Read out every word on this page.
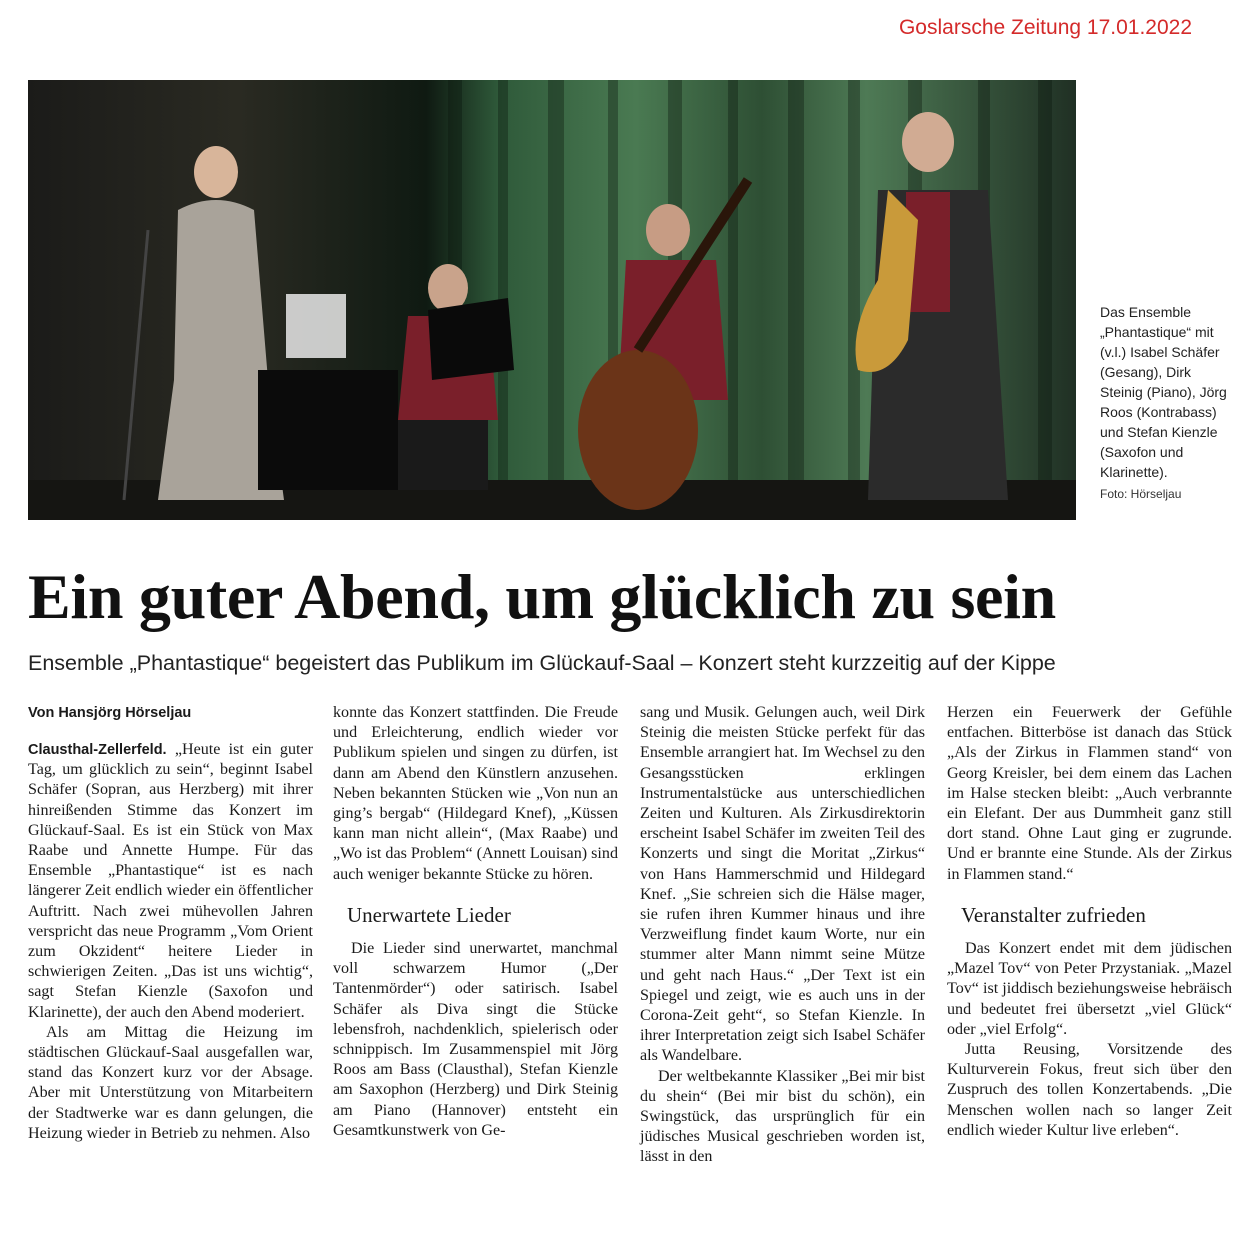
Goslarsche Zeitung 17.01.2022
Das Ensemble „Phantastique“ mit (v.l.) Isabel Schäfer (Gesang), Dirk Steinig (Piano), Jörg Roos (Kontrabass) und Stefan Kienzle (Saxofon und Klarinette).
Foto: Hörseljau
Ein guter Abend, um glücklich zu sein

Ensemble „Phantastique“ begeistert das Publikum im Glückauf-Saal – Konzert steht kurzzeitig auf der Kippe

Von Hansjörg Hörseljau

Clausthal-Zellerfeld. „Heute ist ein guter Tag, um glücklich zu sein“, beginnt Isabel Schäfer (Sopran, aus Herzberg) mit ihrer hinreißenden Stimme das Konzert im Glückauf-Saal. Es ist ein Stück von Max Raabe und Annette Humpe. Für das Ensemble „Phantastique“ ist es nach längerer Zeit endlich wieder ein öffentlicher Auftritt. Nach zwei mühevollen Jahren verspricht das neue Programm „Vom Orient zum Okzident“ heitere Lieder in schwierigen Zeiten. „Das ist uns wichtig“, sagt Stefan Kienzle (Saxofon und Klarinette), der auch den Abend moderiert.

Als am Mittag die Heizung im städtischen Glückauf-Saal ausgefallen war, stand das Konzert kurz vor der Absage. Aber mit Unterstützung von Mitarbeitern der Stadtwerke war es dann gelungen, die Heizung wieder in Betrieb zu nehmen. Also

konnte das Konzert stattfinden. Die Freude und Erleichterung, endlich wieder vor Publikum spielen und singen zu dürfen, ist dann am Abend den Künstlern anzusehen. Neben bekannten Stücken wie „Von nun an ging’s bergab“ (Hildegard Knef), „Küssen kann man nicht allein“, (Max Raabe) und „Wo ist das Problem“ (Annett Louisan) sind auch weniger bekannte Stücke zu hören.

Unerwartete Lieder

Die Lieder sind unerwartet, manchmal voll schwarzem Humor („Der Tantenmörder“) oder satirisch. Isabel Schäfer als Diva singt die Stücke lebensfroh, nachdenklich, spielerisch oder schnippisch. Im Zusammenspiel mit Jörg Roos am Bass (Clausthal), Stefan Kienzle am Saxophon (Herzberg) und Dirk Steinig am Piano (Hannover) entsteht ein Gesamtkunstwerk von Ge-

sang und Musik. Gelungen auch, weil Dirk Steinig die meisten Stücke perfekt für das Ensemble arrangiert hat. Im Wechsel zu den Gesangsstücken erklingen Instrumentalstücke aus unterschiedlichen Zeiten und Kulturen. Als Zirkusdirektorin erscheint Isabel Schäfer im zweiten Teil des Konzerts und singt die Moritat „Zirkus“ von Hans Hammerschmid und Hildegard Knef. „Sie schreien sich die Hälse mager, sie rufen ihren Kummer hinaus und ihre Verzweiflung findet kaum Worte, nur ein stummer alter Mann nimmt seine Mütze und geht nach Haus.“ „Der Text ist ein Spiegel und zeigt, wie es auch uns in der Corona-Zeit geht“, so Stefan Kienzle. In ihrer Interpretation zeigt sich Isabel Schäfer als Wandelbare.

Der weltbekannte Klassiker „Bei mir bist du shein“ (Bei mir bist du schön), ein Swingstück, das ursprünglich für ein jüdisches Musical geschrieben worden ist, lässt in den

Herzen ein Feuerwerk der Gefühle entfachen. Bitterböse ist danach das Stück „Als der Zirkus in Flammen stand“ von Georg Kreisler, bei dem einem das Lachen im Halse stecken bleibt: „Auch verbrannte ein Elefant. Der aus Dummheit ganz still dort stand. Ohne Laut ging er zugrunde. Und er brannte eine Stunde. Als der Zirkus in Flammen stand.“

Veranstalter zufrieden

Das Konzert endet mit dem jüdischen „Mazel Tov“ von Peter Przystaniak. „Mazel Tov“ ist jiddisch beziehungsweise hebräisch und bedeutet frei übersetzt „viel Glück“ oder „viel Erfolg“.

Jutta Reusing, Vorsitzende des Kulturverein Fokus, freut sich über den Zuspruch des tollen Konzertabends. „Die Menschen wollen nach so langer Zeit endlich wieder Kultur live erleben“.
